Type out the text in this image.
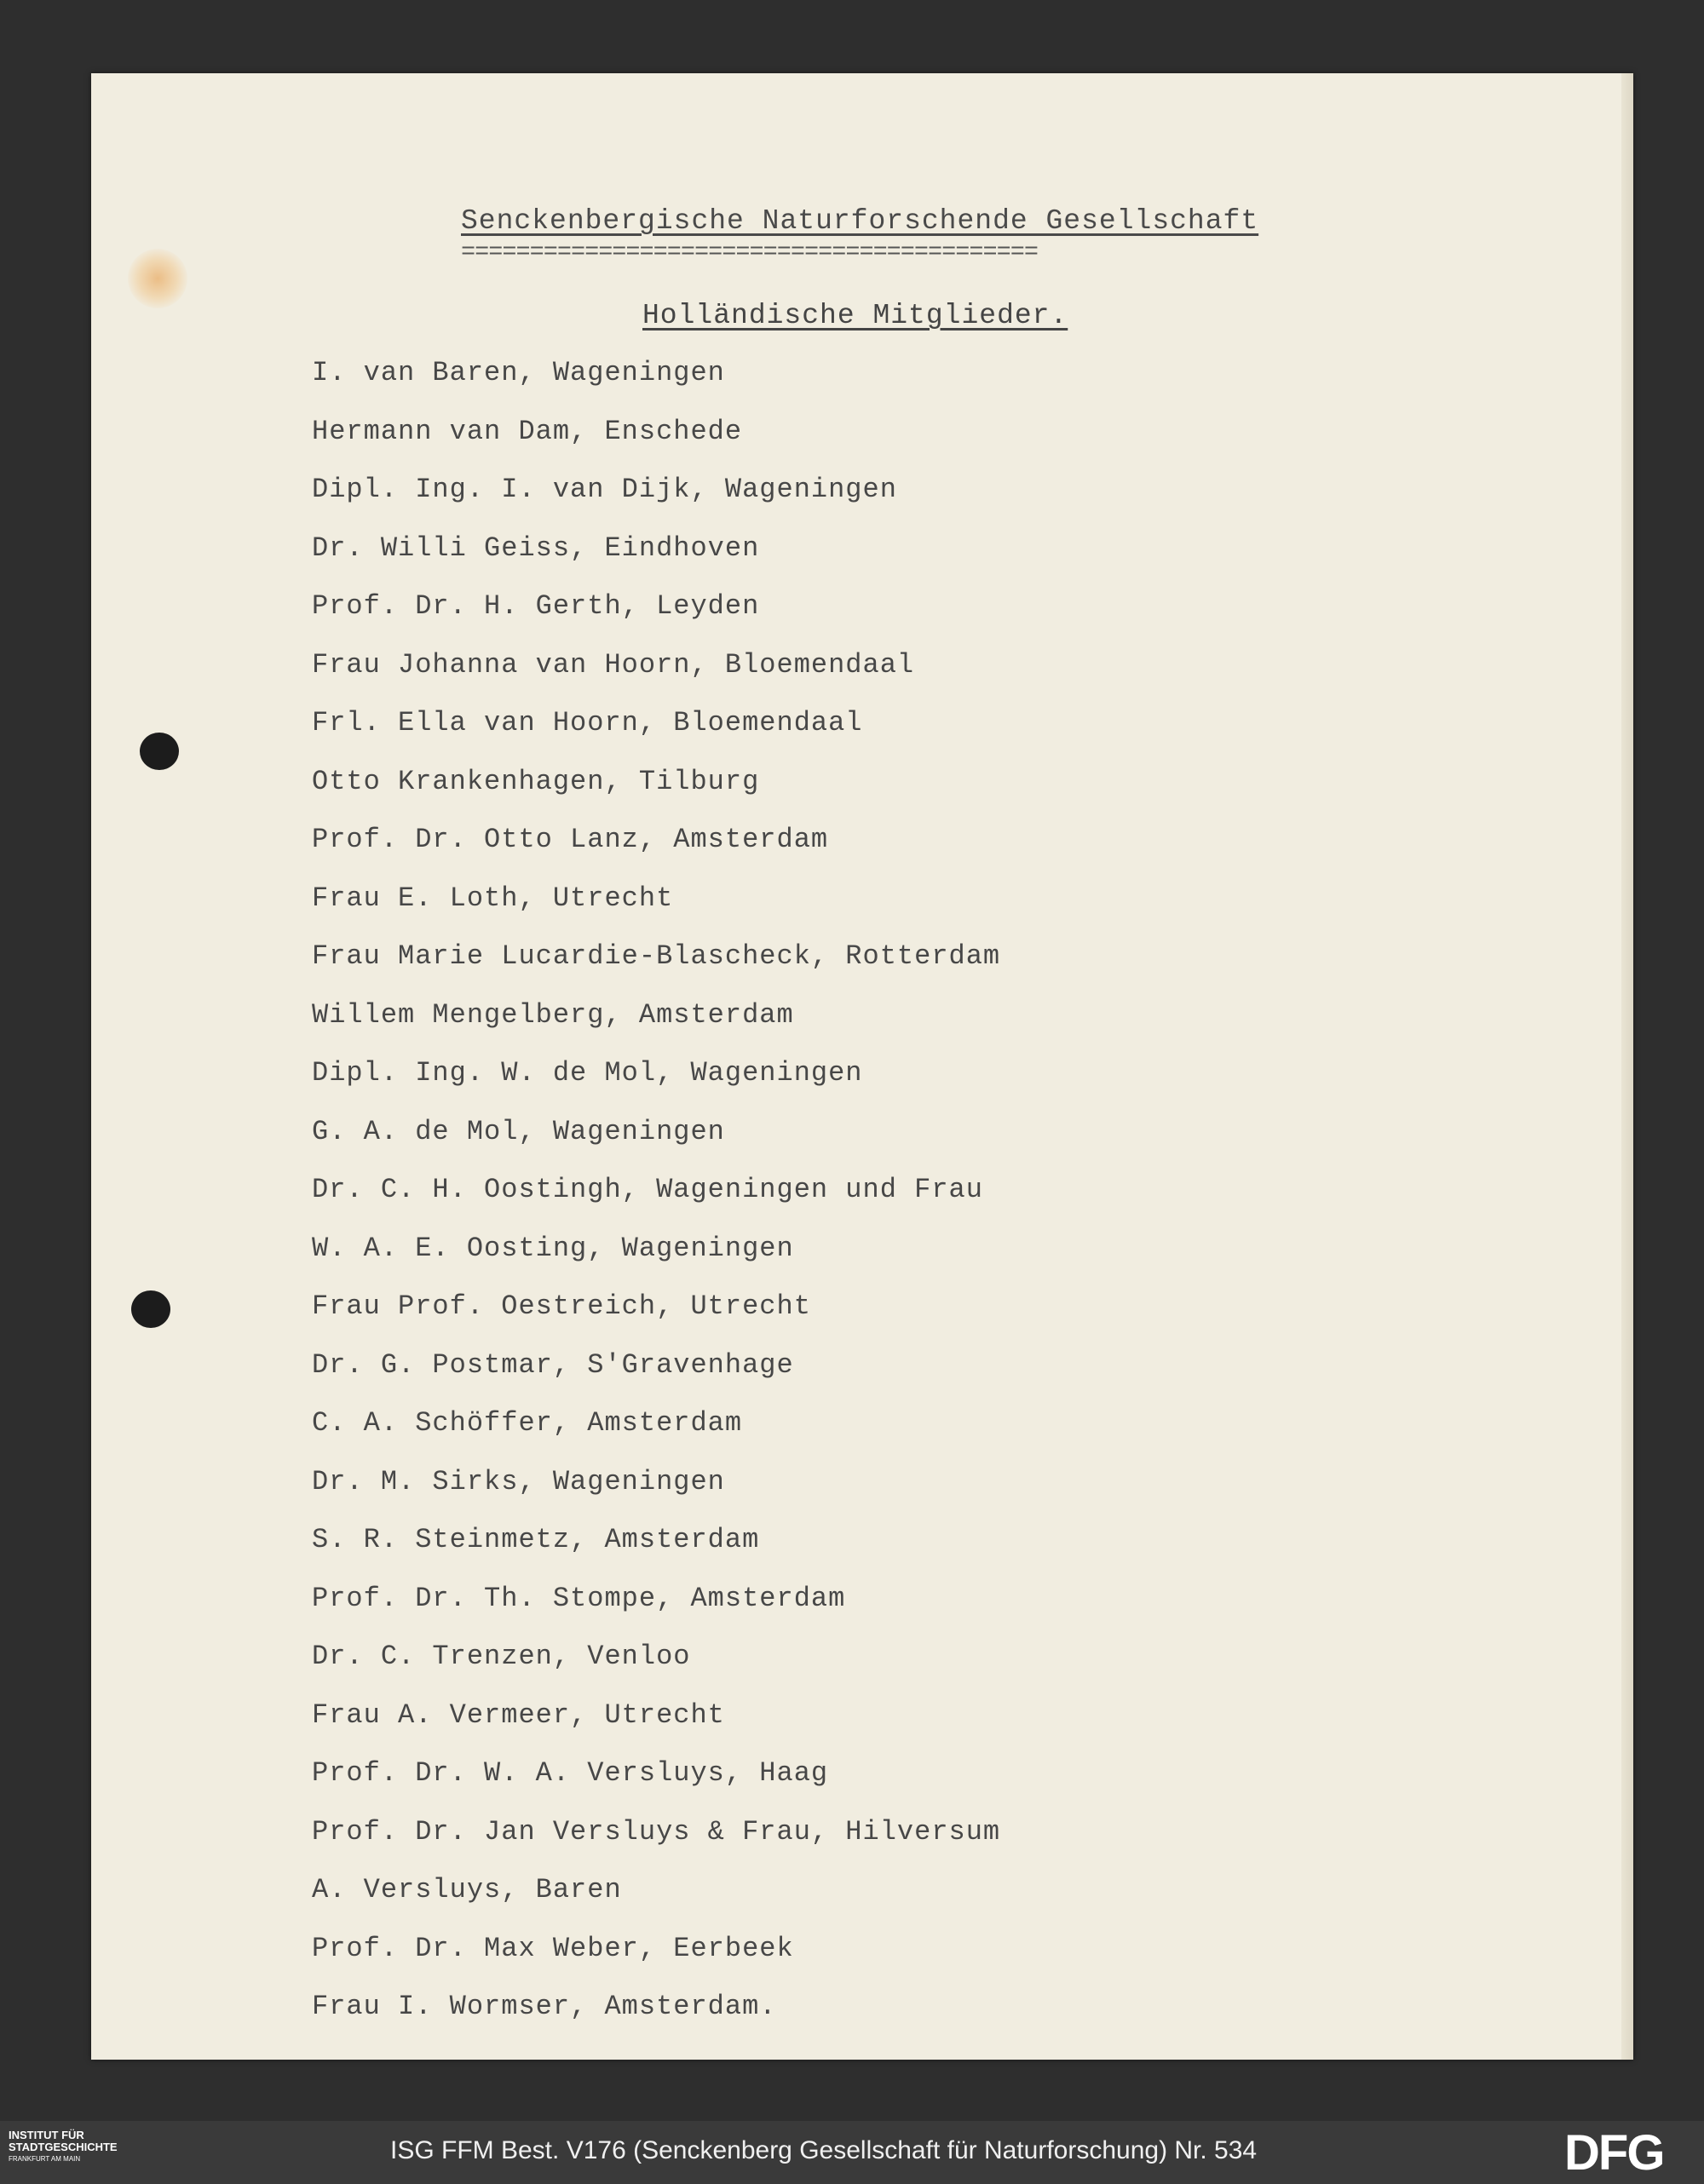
Senckenbergische Naturforschende Gesellschaft
==========================================
Holländische Mitglieder.
I. van Baren, Wageningen
Hermann van Dam, Enschede
Dipl. Ing. I. van Dijk, Wageningen
Dr. Willi Geiss, Eindhoven
Prof. Dr. H. Gerth, Leyden
Frau Johanna van Hoorn, Bloemendaal
Frl. Ella van Hoorn, Bloemendaal
Otto Krankenhagen, Tilburg
Prof. Dr. Otto Lanz, Amsterdam
Frau E. Loth, Utrecht
Frau Marie Lucardie-Blascheck, Rotterdam
Willem Mengelberg, Amsterdam
Dipl. Ing. W. de Mol, Wageningen
G. A. de Mol, Wageningen
Dr. C. H. Oostingh, Wageningen und Frau
W. A. E. Oosting, Wageningen
Frau Prof. Oestreich, Utrecht
Dr. G. Postmar, S'Gravenhage
C. A. Schöffer, Amsterdam
Dr. M. Sirks, Wageningen
S. R. Steinmetz, Amsterdam
Prof. Dr. Th. Stompe, Amsterdam
Dr. C. Trenzen, Venloo
Frau A. Vermeer, Utrecht
Prof. Dr. W. A. Versluys, Haag
Prof. Dr. Jan Versluys & Frau, Hilversum
A. Versluys, Baren
Prof. Dr. Max Weber, Eerbeek
Frau I. Wormser, Amsterdam.
INSTITUT FÜR
STADTGESCHICHTE
FRANKFURT AM MAIN	ISG FFM Best. V176 (Senckenberg Gesellschaft für Naturforschung) Nr. 534	DFG
